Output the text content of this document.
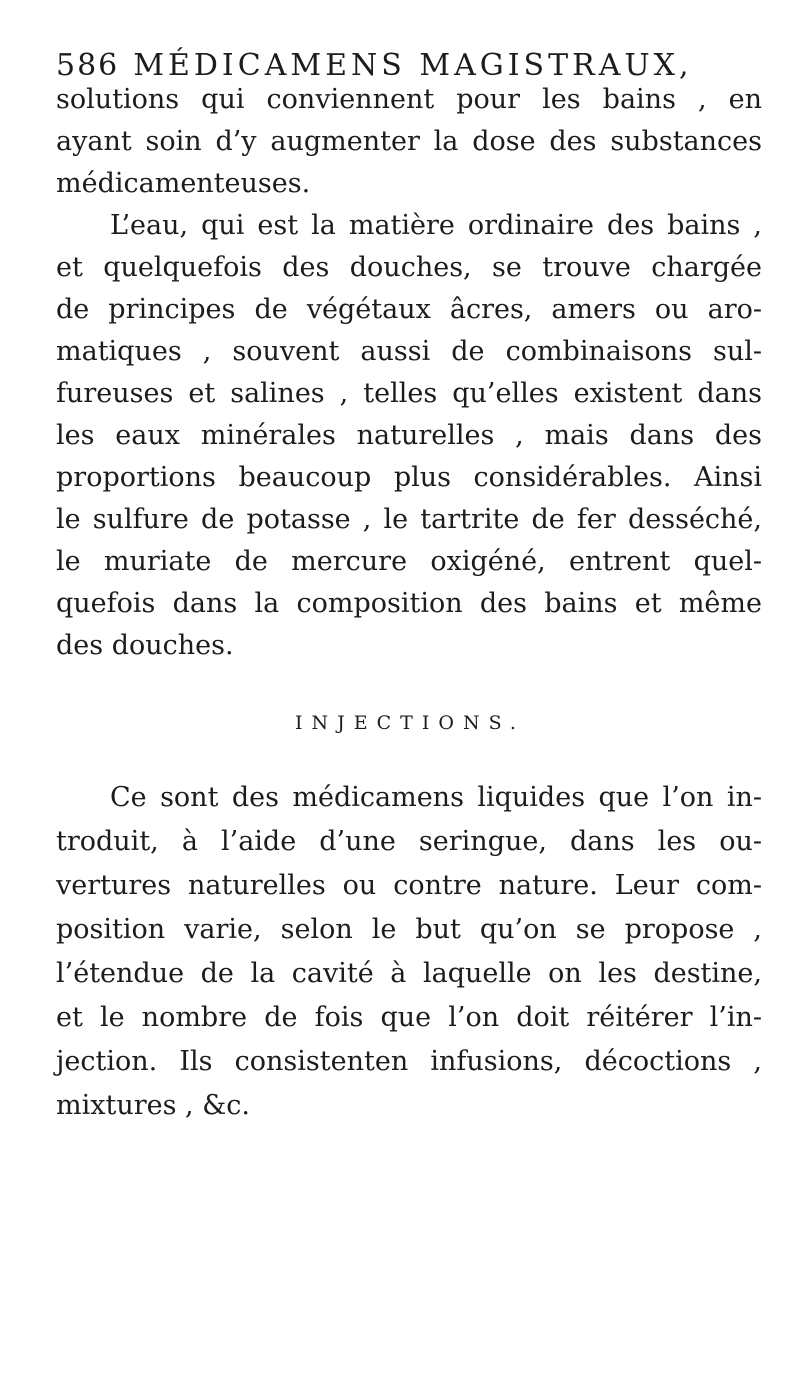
586 MÉDICAMENS MAGISTRAUX,
solutions qui conviennent pour les bains , en
ayant soin d’y augmenter la dose des substances
médicamenteuses.
L’eau, qui est la matière ordinaire des bains ,
et quelquefois des douches, se trouve chargée
de principes de végétaux âcres, amers ou aro-
matiques , souvent aussi de combinaisons sul-
fureuses et salines , telles qu’elles existent dans
les eaux minérales naturelles , mais dans des
proportions beaucoup plus considérables. Ainsi
le sulfure de potasse , le tartrite de fer desséché,
le muriate de mercure oxigéné, entrent quel-
quefois dans la composition des bains et même
des douches.
INJECTIONS.
Ce sont des médicamens liquides que l’on in-
troduit, à l’aide d’une seringue, dans les ou-
vertures naturelles ou contre nature. Leur com-
position varie, selon le but qu’on se propose ,
l’étendue de la cavité à laquelle on les destine,
et le nombre de fois que l’on doit réitérer l’in-
jection. Ils consistenten infusions, décoctions ,
mixtures , &c.
